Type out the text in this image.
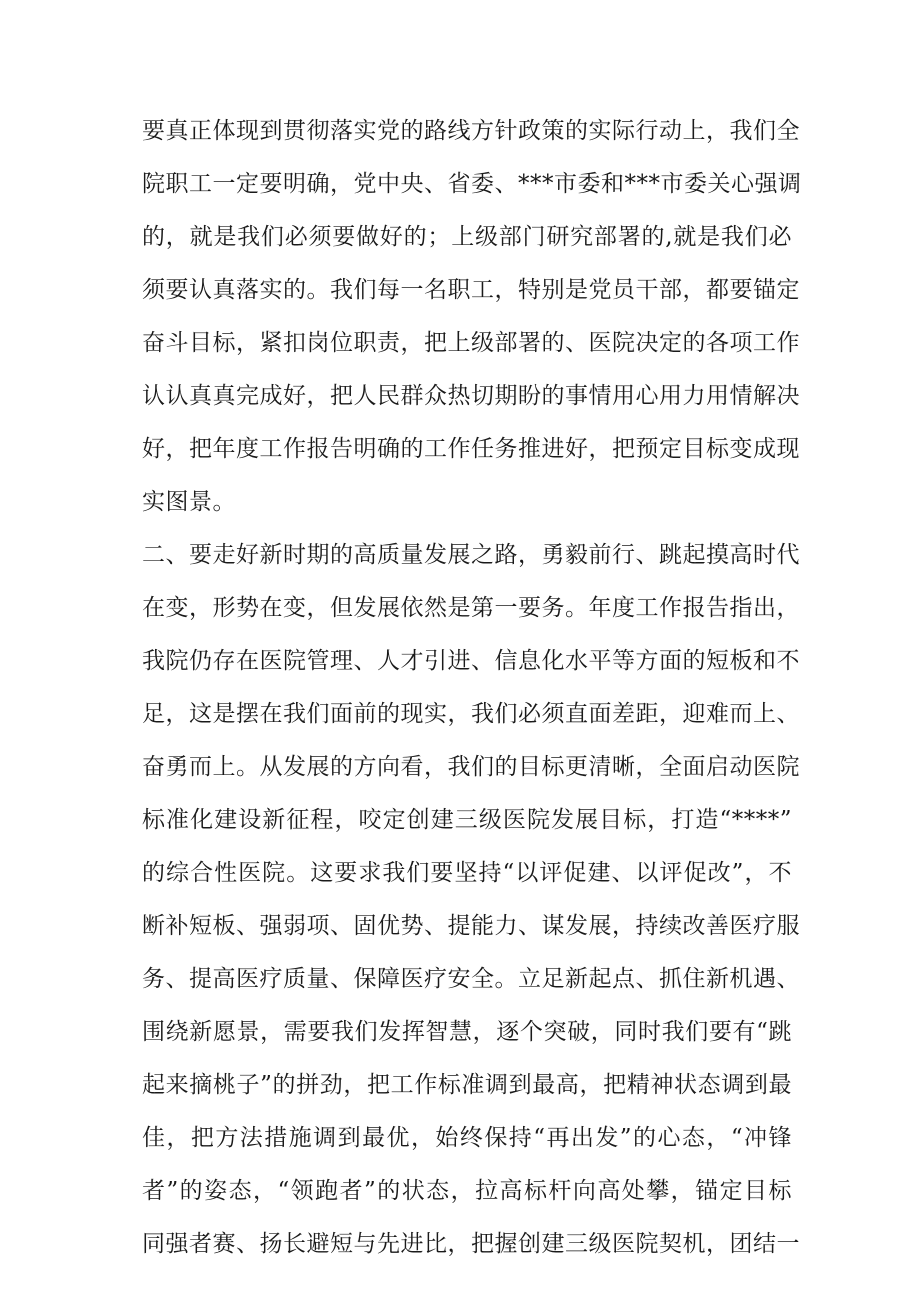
要真正体现到贯彻落实党的路线方针政策的实际行动上，我们全
院职工一定要明确，党中央、省委、***市委和***市委关心强调
的，就是我们必须要做好的；上级部门研究部署的,就是我们必
须要认真落实的。我们每一名职工，特别是党员干部，都要锚定
奋斗目标，紧扣岗位职责，把上级部署的、医院决定的各项工作
认认真真完成好，把人民群众热切期盼的事情用心用力用情解决
好，把年度工作报告明确的工作任务推进好，把预定目标变成现
实图景。
二、要走好新时期的高质量发展之路，勇毅前行、跳起摸高时代
在变，形势在变，但发展依然是第一要务。年度工作报告指出，
我院仍存在医院管理、人才引进、信息化水平等方面的短板和不
足，这是摆在我们面前的现实，我们必须直面差距，迎难而上、
奋勇而上。从发展的方向看，我们的目标更清晰，全面启动医院
标准化建设新征程，咬定创建三级医院发展目标，打造“****”
的综合性医院。这要求我们要坚持“以评促建、以评促改”，不
断补短板、强弱项、固优势、提能力、谋发展，持续改善医疗服
务、提高医疗质量、保障医疗安全。立足新起点、抓住新机遇、
围绕新愿景，需要我们发挥智慧，逐个突破，同时我们要有“跳
起来摘桃子”的拼劲，把工作标准调到最高，把精神状态调到最
佳，把方法措施调到最优，始终保持“再出发”的心态，“冲锋
者”的姿态，“领跑者”的状态，拉高标杆向高处攀，锚定目标
同强者赛、扬长避短与先进比，把握创建三级医院契机，团结一
